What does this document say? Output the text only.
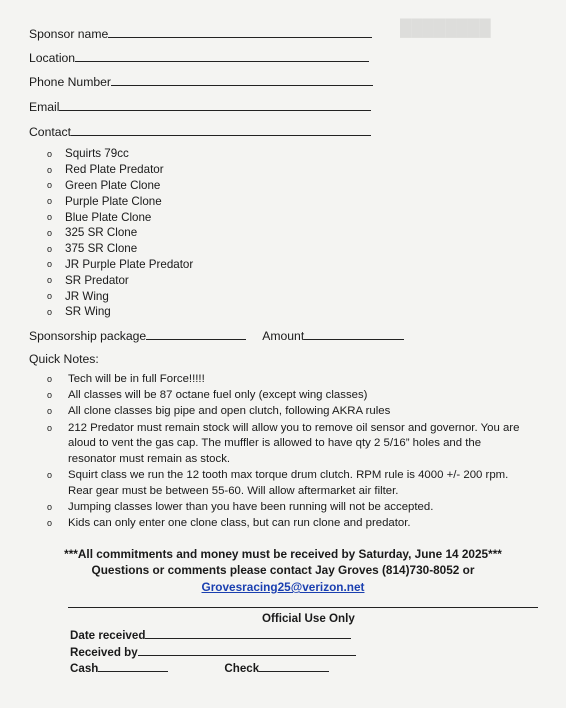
████████
Sponsor name
Location
Phone Number
Email
Contact
o	Squirts 79cc
o	Red Plate Predator
o	Green Plate Clone
o	Purple Plate Clone
o	Blue Plate Clone
o	325 SR Clone
o	375 SR Clone
o	JR Purple Plate Predator
o	SR Predator
o	JR Wing
o	SR Wing
Sponsorship package	Amount
Quick Notes:
o	Tech will be in full Force!!!!!
o	All classes will be 87 octane fuel only (except wing classes)
o	All clone classes big pipe and open clutch, following AKRA rules
o	212 Predator must remain stock will allow you to remove oil sensor and governor. You are aloud to vent the gas cap. The muffler is allowed to have qty 2 5/16” holes and the resonator must remain as stock.
o	Squirt class we run the 12 tooth max torque drum clutch. RPM rule is 4000 +/- 200 rpm. Rear gear must be between 55-60. Will allow aftermarket air filter.
o	Jumping classes lower than you have been running will not be accepted.
o	Kids can only enter one clone class, but can run clone and predator.
***All commitments and money must be received by Saturday, June 14 2025***
Questions or comments please contact Jay Groves (814)730-8052 or
Grovesracing25@verizon.net
Official Use Only
Date received
Received by
Cash	Check
